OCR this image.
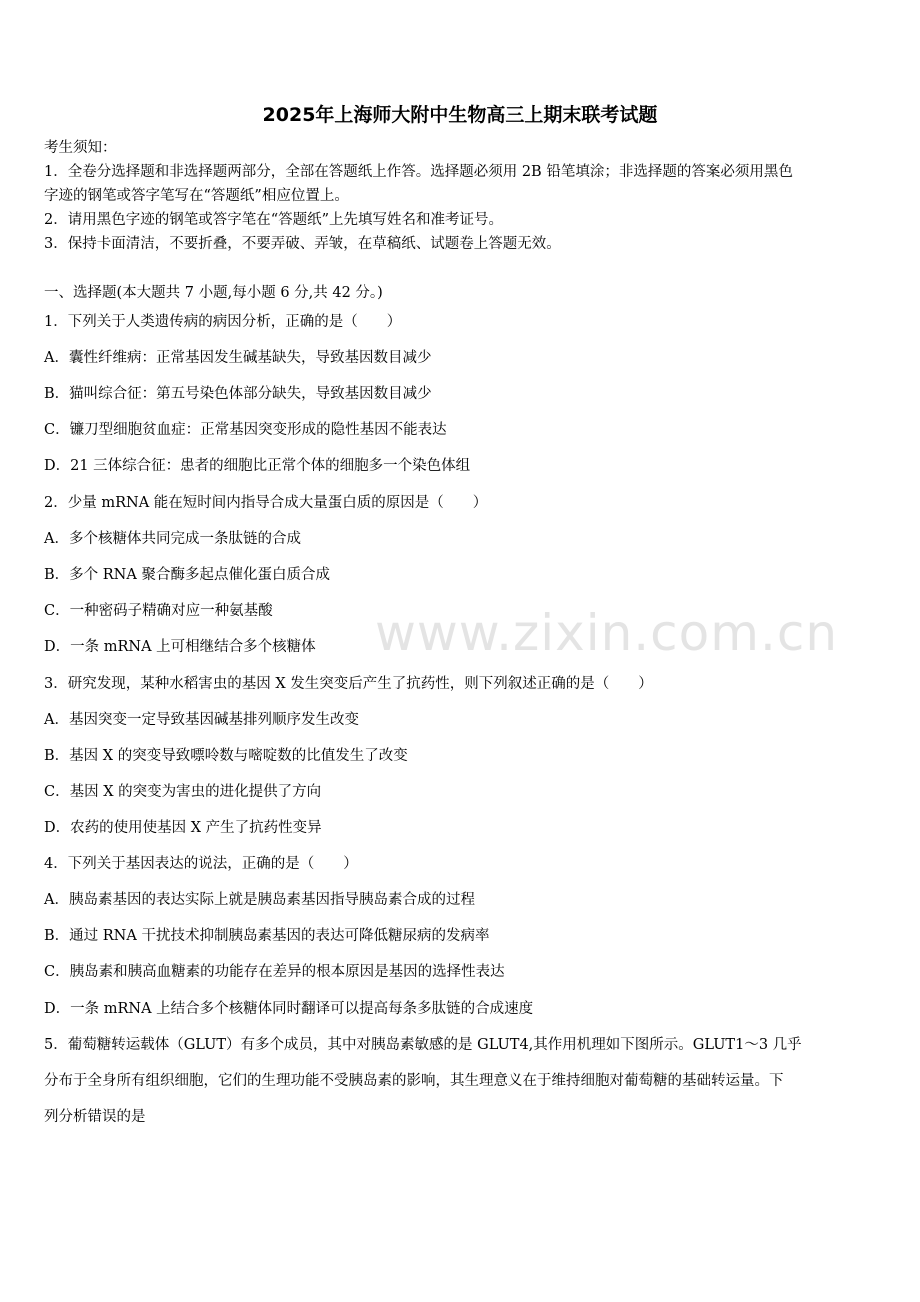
2025年上海师大附中生物高三上期末联考试题
考生须知：
1．全卷分选择题和非选择题两部分，全部在答题纸上作答。选择题必须用 2B 铅笔填涂；非选择题的答案必须用黑色
字迹的钢笔或答字笔写在“答题纸”相应位置上。
2．请用黑色字迹的钢笔或答字笔在“答题纸”上先填写姓名和准考证号。
3．保持卡面清洁，不要折叠，不要弄破、弄皱，在草稿纸、试题卷上答题无效。
一、选择题(本大题共 7 小题,每小题 6 分,共 42 分。)
1．下列关于人类遗传病的病因分析，正确的是（　　）
A．囊性纤维病：正常基因发生碱基缺失，导致基因数目减少
B．猫叫综合征：第五号染色体部分缺失，导致基因数目减少
C．镰刀型细胞贫血症：正常基因突变形成的隐性基因不能表达
D．21 三体综合征：患者的细胞比正常个体的细胞多一个染色体组
2．少量 mRNA 能在短时间内指导合成大量蛋白质的原因是（　　）
A．多个核糖体共同完成一条肽链的合成
B．多个 RNA 聚合酶多起点催化蛋白质合成
C．一种密码子精确对应一种氨基酸
D．一条 mRNA 上可相继结合多个核糖体
3．研究发现，某种水稻害虫的基因 X 发生突变后产生了抗药性，则下列叙述正确的是（　　）
A．基因突变一定导致基因碱基排列顺序发生改变
B．基因 X 的突变导致嘌呤数与嘧啶数的比值发生了改变
C．基因 X 的突变为害虫的进化提供了方向
D．农药的使用使基因 X 产生了抗药性变异
4．下列关于基因表达的说法，正确的是（　　）
A．胰岛素基因的表达实际上就是胰岛素基因指导胰岛素合成的过程
B．通过 RNA 干扰技术抑制胰岛素基因的表达可降低糖尿病的发病率
C．胰岛素和胰高血糖素的功能存在差异的根本原因是基因的选择性表达
D．一条 mRNA 上结合多个核糖体同时翻译可以提高每条多肽链的合成速度
5．葡萄糖转运载体（GLUT）有多个成员，其中对胰岛素敏感的是 GLUT4,其作用机理如下图所示。GLUT1～3 几乎
分布于全身所有组织细胞，它们的生理功能不受胰岛素的影响，其生理意义在于维持细胞对葡萄糖的基础转运量。下
列分析错误的是
www.zixin.com.cn
